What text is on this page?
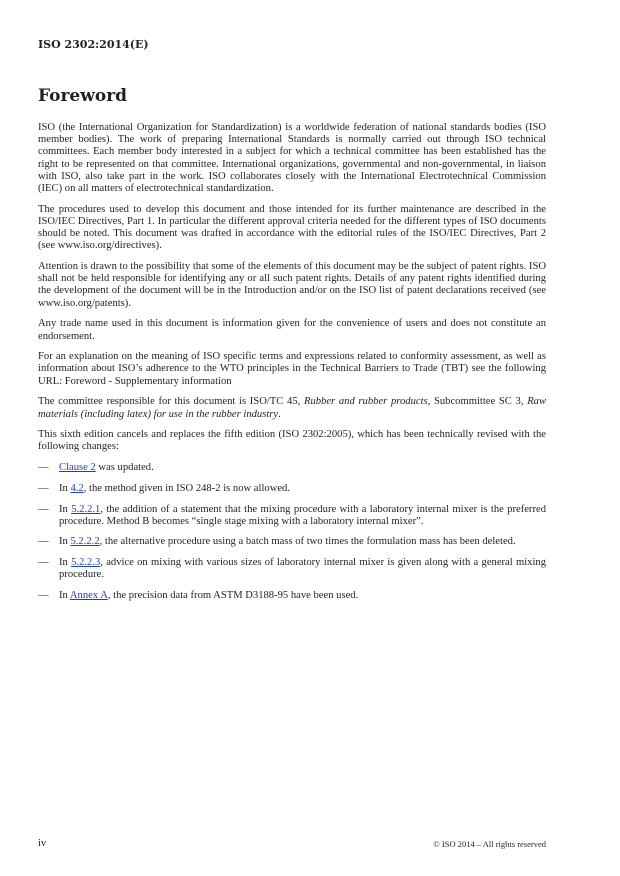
ISO 2302:2014(E)
Foreword

ISO (the International Organization for Standardization) is a worldwide federation of national standards bodies (ISO member bodies). The work of preparing International Standards is normally carried out through ISO technical committees. Each member body interested in a subject for which a technical committee has been established has the right to be represented on that committee. International organizations, governmental and non-governmental, in liaison with ISO, also take part in the work. ISO collaborates closely with the International Electrotechnical Commission (IEC) on all matters of electrotechnical standardization.

The procedures used to develop this document and those intended for its further maintenance are described in the ISO/IEC Directives, Part 1. In particular the different approval criteria needed for the different types of ISO documents should be noted. This document was drafted in accordance with the editorial rules of the ISO/IEC Directives, Part 2 (see www.iso.org/directives).

Attention is drawn to the possibility that some of the elements of this document may be the subject of patent rights. ISO shall not be held responsible for identifying any or all such patent rights. Details of any patent rights identified during the development of the document will be in the Introduction and/or on the ISO list of patent declarations received (see www.iso.org/patents).

Any trade name used in this document is information given for the convenience of users and does not constitute an endorsement.

For an explanation on the meaning of ISO specific terms and expressions related to conformity assessment, as well as information about ISO’s adherence to the WTO principles in the Technical Barriers to Trade (TBT) see the following URL: Foreword - Supplementary information

The committee responsible for this document is ISO/TC 45, Rubber and rubber products, Subcommittee SC 3, Raw materials (including latex) for use in the rubber industry.

This sixth edition cancels and replaces the fifth edition (ISO 2302:2005), which has been technically revised with the following changes:

— Clause 2 was updated.
— In 4.2, the method given in ISO 248-2 is now allowed.
— In 5.2.2.1, the addition of a statement that the mixing procedure with a laboratory internal mixer is the preferred procedure. Method B becomes “single stage mixing with a laboratory internal mixer”.
— In 5.2.2.2, the alternative procedure using a batch mass of two times the formulation mass has been deleted.
— In 5.2.2.3, advice on mixing with various sizes of laboratory internal mixer is given along with a general mixing procedure.
— In Annex A, the precision data from ASTM D3188-95 have been used.
iv	© ISO 2014 – All rights reserved
